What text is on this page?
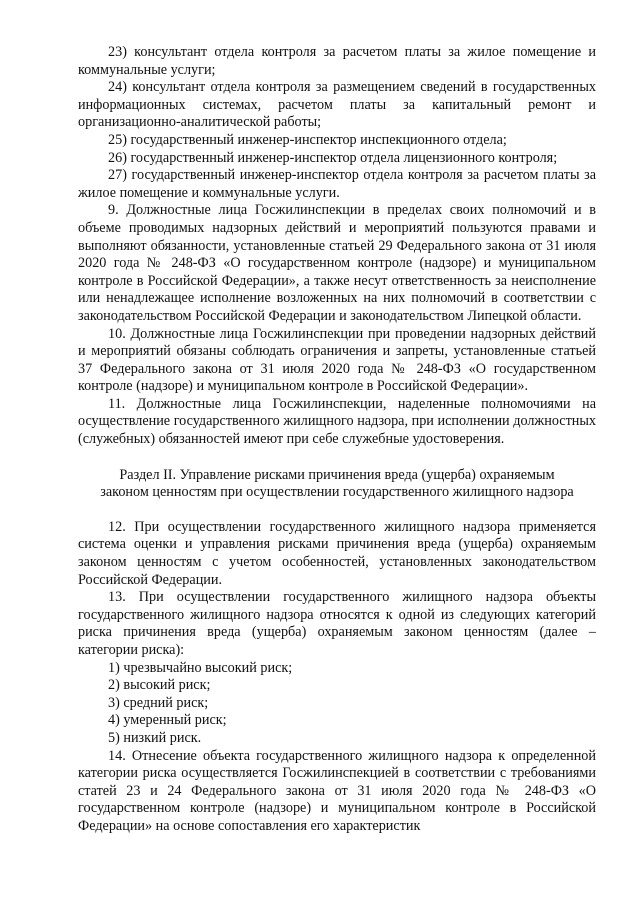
23) консультант отдела контроля за расчетом платы за жилое помещение и коммунальные услуги;

24) консультант отдела контроля за размещением сведений в государственных информационных системах, расчетом платы за капитальный ремонт и организационно-аналитической работы;

25) государственный инженер-инспектор инспекционного отдела;

26) государственный инженер-инспектор отдела лицензионного контроля;

27) государственный инженер-инспектор отдела контроля за расчетом платы за жилое помещение и коммунальные услуги.

9. Должностные лица Госжилинспекции в пределах своих полномочий и в объеме проводимых надзорных действий и мероприятий пользуются правами и выполняют обязанности, установленные статьей 29 Федерального закона от 31 июля 2020 года № 248-ФЗ «О государственном контроле (надзоре) и муниципальном контроле в Российской Федерации», а также несут ответственность за неисполнение или ненадлежащее исполнение возложенных на них полномочий в соответствии с законодательством Российской Федерации и законодательством Липецкой области.

10. Должностные лица Госжилинспекции при проведении надзорных действий и мероприятий обязаны соблюдать ограничения и запреты, установленные статьей 37 Федерального закона от 31 июля 2020 года № 248-ФЗ «О государственном контроле (надзоре) и муниципальном контроле в Российской Федерации».

11. Должностные лица Госжилинспекции, наделенные полномочиями на осуществление государственного жилищного надзора, при исполнении должностных (служебных) обязанностей имеют при себе служебные удостоверения.

Раздел II. Управление рисками причинения вреда (ущерба) охраняемым
законом ценностям при осуществлении государственного жилищного надзора

12. При осуществлении государственного жилищного надзора применяется система оценки и управления рисками причинения вреда (ущерба) охраняемым законом ценностям с учетом особенностей, установленных законодательством Российской Федерации.

13. При осуществлении государственного жилищного надзора объекты государственного жилищного надзора относятся к одной из следующих категорий риска причинения вреда (ущерба) охраняемым законом ценностям (далее – категории риска):

1) чрезвычайно высокий риск;

2) высокий риск;

3) средний риск;

4) умеренный риск;

5) низкий риск.

14. Отнесение объекта государственного жилищного надзора к определенной категории риска осуществляется Госжилинспекцией в соответствии с требованиями статей 23 и 24 Федерального закона от 31 июля 2020 года № 248-ФЗ «О государственном контроле (надзоре) и муниципальном контроле в Российской Федерации» на основе сопоставления его характеристик
